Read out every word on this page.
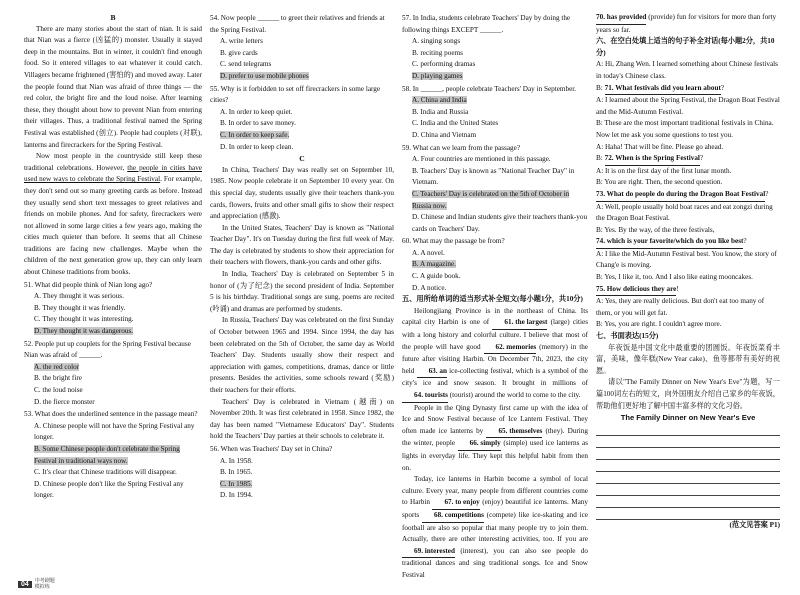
B

There are many stories about the start of nian. It is said that Nian was a fierce (凶猛的) monster. Usually it stayed deep in the mountains. But in winter, it couldn't find enough food. So it entered villages to eat whatever it could catch. Villagers became frightened (害怕的) and moved away. Later the people found that Nian was afraid of three things — the red color, the bright fire and the loud noise. After learning these, they thought about how to prevent Nian from entering their villages. Thus, a traditional festival named the Spring Festival was established (创立). People had couplets (对联), lanterns and firecrackers for the Spring Festival.

Now most people in the countryside still keep these traditional celebrations. However, the people in cities have used new ways to celebrate the Spring Festival. For example, they don't send out so many greeting cards as before. Instead they usually send short text messages to greet relatives and friends on mobile phones. And for safety, firecrackers were not allowed in some large cities a few years ago, making the cities much quieter than before. It seems that all Chinese traditions are facing new challenges. Maybe when the children of the next generation grow up, they can only learn about Chinese traditions from books.

51. What did people think of Nian long ago?
A. They thought it was serious.
B. They thought it was friendly.
C. They thought it was interesting.
D. They thought it was dangerous.
52. People put up couplets for the Spring Festival because Nian was afraid of ______.
A. the red color
B. the bright fire
C. the loud noise
D. the fierce monster
53. What does the underlined sentence in the passage mean?
A. Chinese people will not have the Spring Festival any longer.
B. Some Chinese people don't celebrate the Spring Festival in traditional ways now.
C. It's clear that Chinese traditions will disappear.
D. Chinese people don't like the Spring Festival any longer.
54. Now people ______ to greet their relatives and friends at the Spring Festival.
A. write letters
B. give cards
C. send telegrams
D. prefer to use mobile phones
55. Why is it forbidden to set off firecrackers in some large cities?
A. In order to keep quiet.
B. In order to save money.
C. In order to keep safe.
D. In order to keep clean.
C

In China, Teachers' Day was really set on September 10, 1985. Now people celebrate it on September 10 every year. On this special day, students usually give their teachers thank-you cards, flowers, fruits and other small gifts to show their respect and appreciation (感激).

In the United States, Teachers' Day is known as "National Teacher Day". It's on Tuesday during the first full week of May. The day is celebrated by students to show their appreciation for their teachers with flowers, thank-you cards and other gifts.

In India, Teachers' Day is celebrated on September 5 in honor of (为了纪念) the second president of India. September 5 is his birthday. Traditional songs are sung, poems are recited (吟诵) and dramas are performed by students.

In Russia, Teachers' Day was celebrated on the first Sunday of October between 1965 and 1994. Since 1994, the day has been celebrated on the 5th of October, the same day as World Teachers' Day. Students usually show their respect and appreciation with games, competitions, dramas, dance or little presents. Besides the activities, some schools reward (奖励) their teachers for their efforts.

Teachers' Day is celebrated in Vietnam (越南) on November 20th. It was first celebrated in 1958. Since 1982, the day has been named "Vietnamese Educators' Day". Students hold the Teachers' Day parties at their schools to celebrate it.

56. When was Teachers' Day set in China?
A. In 1958.
B. In 1965.
C. In 1985.
D. In 1994.
57. In India, students celebrate Teachers' Day by doing the following things EXCEPT ______.
A. singing songs
B. reciting poems
C. performing dramas
D. playing games
58. In ______, people celebrate Teachers' Day in September.
A. China and India
B. India and Russia
C. India and the United States
D. China and Vietnam
59. What can we learn from the passage?
A. Four countries are mentioned in this passage.
B. Teachers' Day is known as "National Teacher Day" in Vietnam.
C. Teachers' Day is celebrated on the 5th of October in Russia now.
D. Chinese and Indian students give their teachers thank-you cards on Teachers' Day.
60. What may the passage be from?
A. A novel.
B. A magazine.
C. A guide book.
D. A notice.
五、用所给单词的适当形式补全短文(每小题1分，共10分)

Heilongjiang Province is in the northeast of China. Its capital city Harbin is one of 61. the largest (large) cities with a long history and colorful culture. I believe that most of the people will have good 62. memories (memory) in the future after visiting Harbin. On December 7th, 2023, the city held 63. an ice-collecting festival, which is a symbol of the city's ice and snow season. It brought in millions of 64. tourists (tourist) around the world to come to the city.

People in the Qing Dynasty first came up with the idea of Ice and Snow Festival because of Ice Lantern Festival. They often made ice lanterns by 65. themselves (they). During the winter, people 66. simply (simple) used ice lanterns as lights in everyday life. They kept this helpful habit from then on.

Today, ice lanterns in Harbin become a symbol of local culture. Every year, many people from different countries come to Harbin 67. to enjoy (enjoy) beautiful ice lanterns. Many sports 68. competitions (compete) like ice-skating and ice football are also so popular that many people try to join them. Actually, there are other interesting activities, too. If you are 69. interested (interest), you can also see people do traditional dances and sing traditional songs. Ice and Snow Festival

70. has provided (provide) fun for visitors for more than forty years so far.
六、在空白处填上适当的句子补全对话(每小题2分，共10分)
A: Hi, Zhang Wen. I learned something about Chinese festivals in today's Chinese class.
B: 71. What festivals did you learn about?
A: I learned about the Spring Festival, the Dragon Boat Festival and the Mid-Autumn Festival.
B: These are the most important traditional festivals in China. Now let me ask you some questions to test you.
A: Haha! That will be fine. Please go ahead.
B: 72. When is the Spring Festival?
A: It is on the first day of the first lunar month.
B: You are right. Then, the second question. 73. What do people do during the Dragon Boat Festival?
A: Well, people usually hold boat races and eat zongzi during the Dragon Boat Festival.
B: Yes. By the way, of the three festivals, 74. which is your favorite/which do you like best?
A: I like the Mid-Autumn Festival best. You know, the story of Chang'e is moving.
B: Yes, I like it, too. And I also like eating mooncakes. 75. How delicious they are!
A: Yes, they are really delicious. But don't eat too many of them, or you will get fat.
B: Yes, you are right. I couldn't agree more.
七、书面表达(15分)

年夜饭是中国文化中最重要的团圆饭。年夜饭菜肴丰富，美味，像年糕(New Year cake)、鱼等都带有美好的祝愿。

请以"The Family Dinner on New Year's Eve"为题，写一篇100词左右的短文，向外国朋友介绍自己家乡的年夜饭，帮助他们更好地了解中国丰富多样的文化习俗。

The Family Dinner on New Year's Eve
(范文见答案 P1)
04	中考刷题 模拟练
